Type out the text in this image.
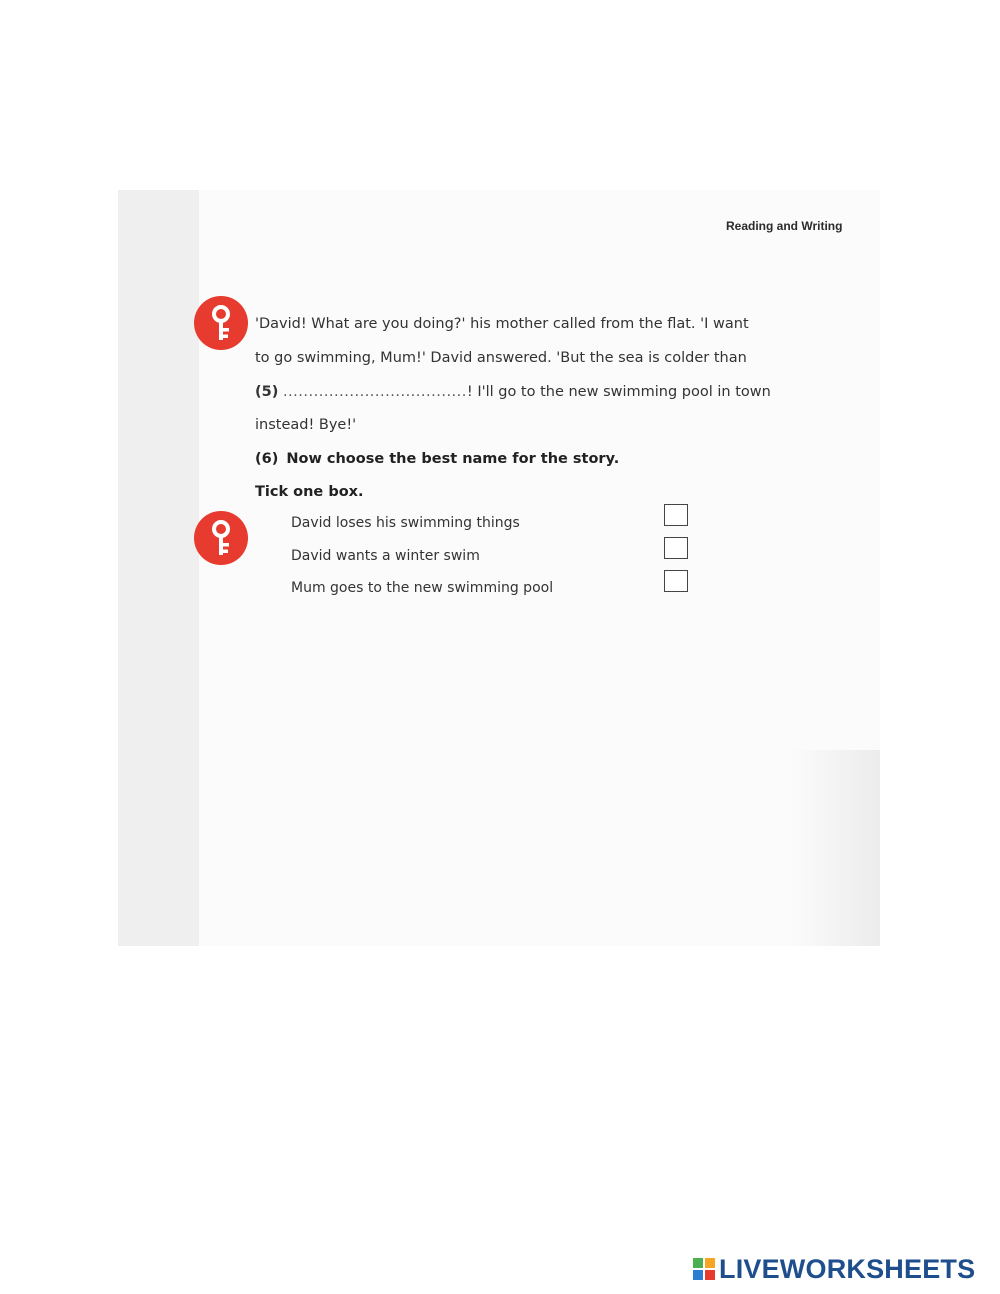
Reading and Writing
'David! What are you doing?' his mother called from the flat. 'I want
to go swimming, Mum!' David answered. 'But the sea is colder than
(5) ....................................! I'll go to the new swimming pool in town
instead! Bye!'
(6) Now choose the best name for the story.
Tick one box.
David loses his swimming things
David wants a winter swim
Mum goes to the new swimming pool
LIVEWORKSHEETS
